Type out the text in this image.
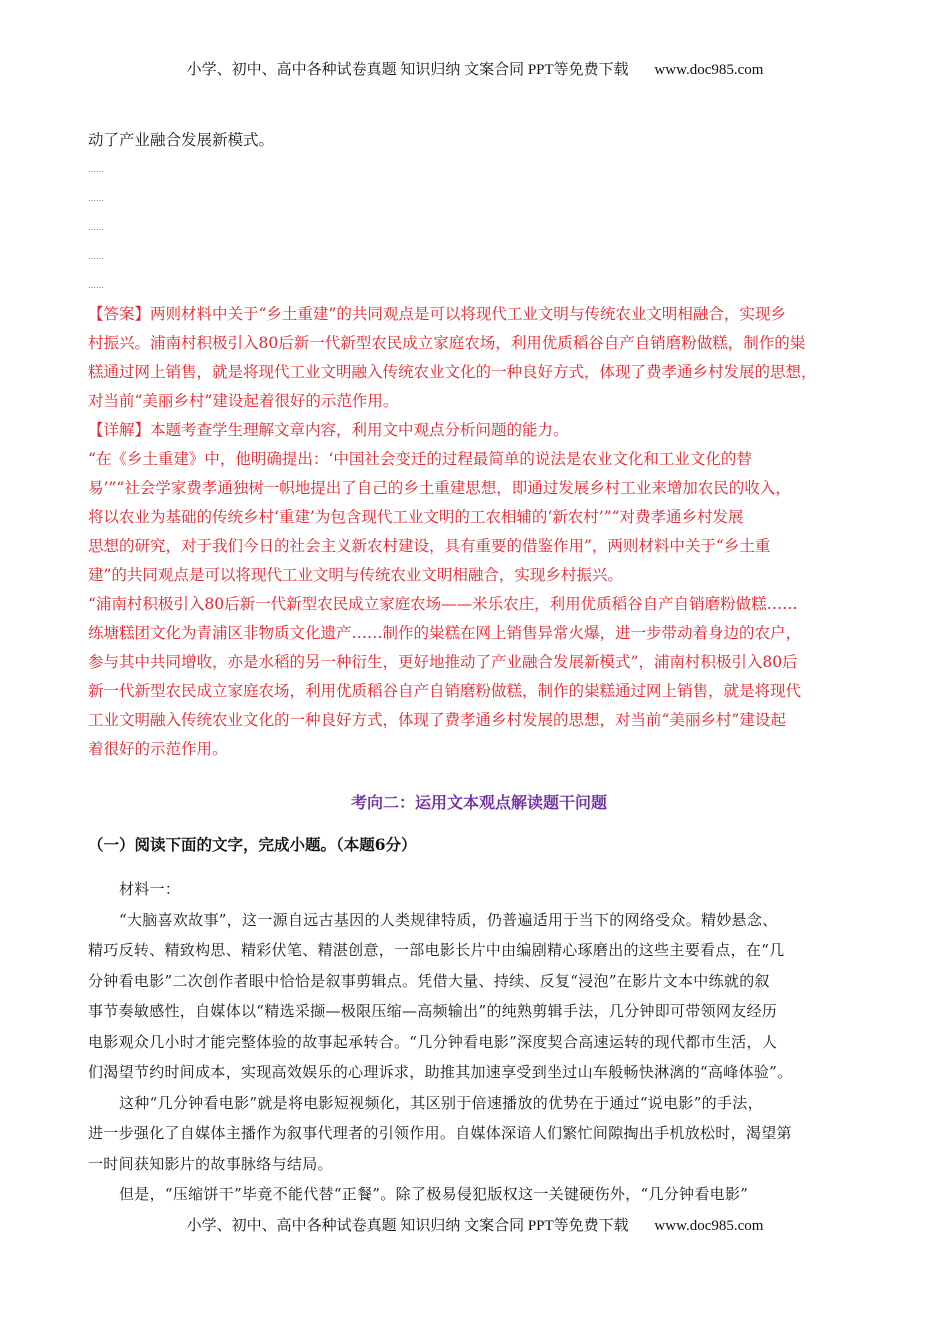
小学、初中、高中各种试卷真题 知识归纳 文案合同 PPT等免费下载 www.doc985.com
动了产业融合发展新模式。
……
……
……
……
……
【答案】两则材料中关于“乡土重建”的共同观点是可以将现代工业文明与传统农业文明相融合，实现乡
村振兴。浦南村积极引入80后新一代新型农民成立家庭农场，利用优质稻谷自产自销磨粉做糕，制作的粜
糕通过网上销售，就是将现代工业文明融入传统农业文化的一种良好方式，体现了费孝通乡村发展的思想，
对当前“美丽乡村”建设起着很好的示范作用。
【详解】本题考查学生理解文章内容，利用文中观点分析问题的能力。
“在《乡土重建》中，他明确提出：‘中国社会变迁的过程最简单的说法是农业文化和工业文化的替
易’”“社会学家费孝通独树一帜地提出了自己的乡土重建思想，即通过发展乡村工业来增加农民的收入，
将以农业为基础的传统乡村‘重建’为包含现代工业文明的工农相辅的‘新农村’”“对费孝通乡村发展
思想的研究，对于我们今日的社会主义新农村建设，具有重要的借鉴作用”，两则材料中关于“乡土重
建”的共同观点是可以将现代工业文明与传统农业文明相融合，实现乡村振兴。
“浦南村积极引入80后新一代新型农民成立家庭农场——米乐农庄，利用优质稻谷自产自销磨粉做糕……
练塘糕团文化为青浦区非物质文化遗产……制作的粜糕在网上销售异常火爆，进一步带动着身边的农户，
参与其中共同增收，亦是水稻的另一种衍生，更好地推动了产业融合发展新模式”，浦南村积极引入80后
新一代新型农民成立家庭农场，利用优质稻谷自产自销磨粉做糕，制作的粜糕通过网上销售，就是将现代
工业文明融入传统农业文化的一种良好方式，体现了费孝通乡村发展的思想，对当前“美丽乡村”建设起
着很好的示范作用。
考向二：运用文本观点解读题干问题
（一）阅读下面的文字，完成小题。（本题6分）
材料一：
“大脑喜欢故事”，这一源自远古基因的人类规律特质，仍普遍适用于当下的网络受众。精妙悬念、
精巧反转、精致构思、精彩伏笔、精湛创意，一部电影长片中由编剧精心琢磨出的这些主要看点，在“几
分钟看电影”二次创作者眼中恰恰是叙事剪辑点。凭借大量、持续、反复“浸泡”在影片文本中练就的叙
事节奏敏感性，自媒体以“精选采撷—极限压缩—高频输出”的纯熟剪辑手法，几分钟即可带领网友经历
电影观众几小时才能完整体验的故事起承转合。“几分钟看电影”深度契合高速运转的现代都市生活，人
们渴望节约时间成本，实现高效娱乐的心理诉求，助推其加速享受到坐过山车般畅快淋漓的“高峰体验”。
这种“几分钟看电影”就是将电影短视频化，其区别于倍速播放的优势在于通过“说电影”的手法，
进一步强化了自媒体主播作为叙事代理者的引领作用。自媒体深谙人们繁忙间隙掏出手机放松时，渴望第
一时间获知影片的故事脉络与结局。
但是，“压缩饼干”毕竟不能代替“正餐”。除了极易侵犯版权这一关键硬伤外，“几分钟看电影”
小学、初中、高中各种试卷真题 知识归纳 文案合同 PPT等免费下载 www.doc985.com
